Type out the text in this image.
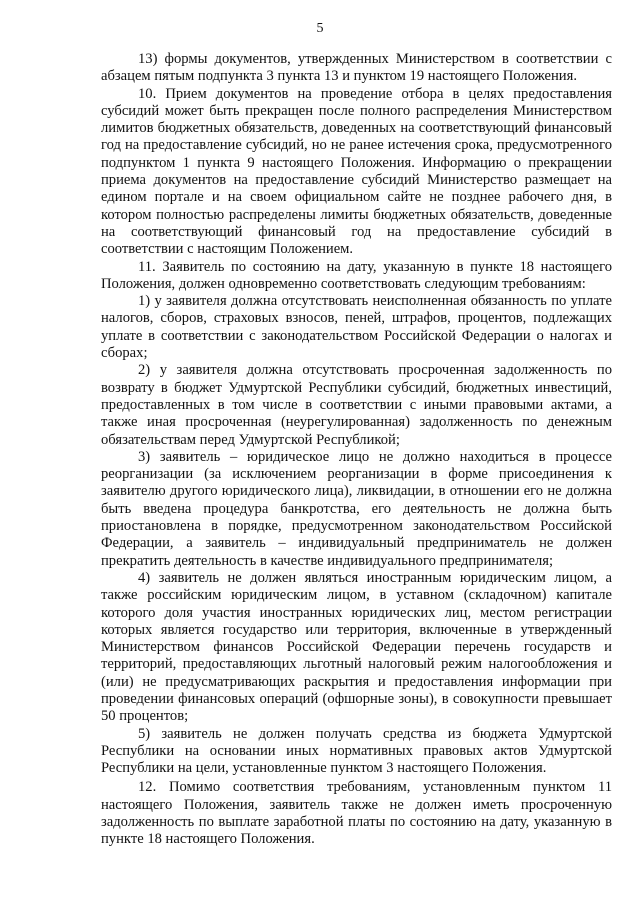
5

13) формы документов, утвержденных Министерством в соответствии с абзацем пятым подпункта 3 пункта 13 и пунктом 19 настоящего Положения.

10. Прием документов на проведение отбора в целях предоставления субсидий может быть прекращен после полного распределения Министерством лимитов бюджетных обязательств, доведенных на соответствующий финансовый год на предоставление субсидий, но не ранее истечения срока, предусмотренного подпунктом 1 пункта 9 настоящего Положения. Информацию о прекращении приема документов на предоставление субсидий Министерство размещает на едином портале и на своем официальном сайте не позднее рабочего дня, в котором полностью распределены лимиты бюджетных обязательств, доведенные на соответствующий финансовый год на предоставление субсидий в соответствии с настоящим Положением.

11. Заявитель по состоянию на дату, указанную в пункте 18 настоящего Положения, должен одновременно соответствовать следующим требованиям:

1) у заявителя должна отсутствовать неисполненная обязанность по уплате налогов, сборов, страховых взносов, пеней, штрафов, процентов, подлежащих уплате в соответствии с законодательством Российской Федерации о налогах и сборах;

2) у заявителя должна отсутствовать просроченная задолженность по возврату в бюджет Удмуртской Республики субсидий, бюджетных инвестиций, предоставленных в том числе в соответствии с иными правовыми актами, а также иная просроченная (неурегулированная) задолженность по денежным обязательствам перед Удмуртской Республикой;

3) заявитель – юридическое лицо не должно находиться в процессе реорганизации (за исключением реорганизации в форме присоединения к заявителю другого юридического лица), ликвидации, в отношении его не должна быть введена процедура банкротства, его деятельность не должна быть приостановлена в порядке, предусмотренном законодательством Российской Федерации, а заявитель – индивидуальный предприниматель не должен прекратить деятельность в качестве индивидуального предпринимателя;

4) заявитель не должен являться иностранным юридическим лицом, а также российским юридическим лицом, в уставном (складочном) капитале которого доля участия иностранных юридических лиц, местом регистрации которых является государство или территория, включенные в утвержденный Министерством финансов Российской Федерации перечень государств и территорий, предоставляющих льготный налоговый режим налогообложения и (или) не предусматривающих раскрытия и предоставления информации при проведении финансовых операций (офшорные зоны), в совокупности превышает 50 процентов;

5) заявитель не должен получать средства из бюджета Удмуртской Республики на основании иных нормативных правовых актов Удмуртской Республики на цели, установленные пунктом 3 настоящего Положения.

12. Помимо соответствия требованиям, установленным пунктом 11 настоящего Положения, заявитель также не должен иметь просроченную задолженность по выплате заработной платы по состоянию на дату, указанную в пункте 18 настоящего Положения.
